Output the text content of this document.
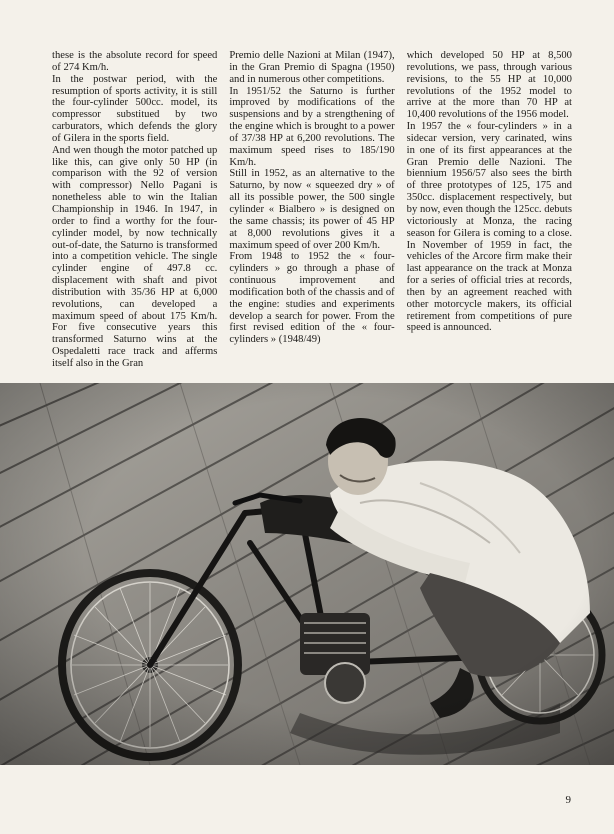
these is the absolute record for speed of 274 Km/h.

In the postwar period, with the resumption of sports activity, it is still the four-cylinder 500cc. model, its compressor substitued by two carburators, which defends the glory of Gilera in the sports field.

And wen though the motor patched up like this, can give only 50 HP (in comparison with the 92 of version with compressor) Nello Pagani is nonetheless able to win the Italian Championship in 1946. In 1947, in order to find a worthy for the four-cylinder model, by now technically out-of-date, the Saturno is transformed into a competition vehicle. The single cylinder engine of 497.8 cc. displacement with shaft and pivot distribution with 35/36 HP at 6,000 revolutions, can developed a maximum speed of about 175 Km/h. For five consecutive years this transformed Saturno wins at the Ospedaletti race track and afferms itself also in the Gran

Premio delle Nazioni at Milan (1947), in the Gran Premio di Spagna (1950) and in numerous other competitions.

In 1951/52 the Saturno is further improved by modifications of the suspensions and by a strengthening of the engine which is brought to a power of 37/38 HP at 6,200 revolutions. The maximum speed rises to 185/190 Km/h.

Still in 1952, as an alternative to the Saturno, by now « squeezed dry » of all its possible power, the 500 single cylinder « Bialbero » is designed on the same chassis; its power of 45 HP at 8,000 revolutions gives it a maximum speed of over 200 Km/h.

From 1948 to 1952 the « four-cylinders » go through a phase of continuous improvement and modification both of the chassis and of the engine: studies and experiments develop a search for power. From the first revised edition of the « four-cylinders » (1948/49)

which developed 50 HP at 8,500 revolutions, we pass, through various revisions, to the 55 HP at 10,000 revolutions of the 1952 model to arrive at the more than 70 HP at 10,400 revolutions of the 1956 model.

In 1957 the « four-cylinders » in a sidecar version, very carinated, wins in one of its first appearances at the Gran Premio delle Nazioni. The biennium 1956/57 also sees the birth of three prototypes of 125, 175 and 350cc. displacement respectively, but by now, even though the 125cc. debuts victoriously at Monza, the racing season for Gilera is coming to a close. In November of 1959 in fact, the vehicles of the Arcore firm make their last appearance on the track at Monza for a series of official tries at records, then by an agreement reached with other motorcycle makers, its official retirement from competitions of pure speed is announced.

9
